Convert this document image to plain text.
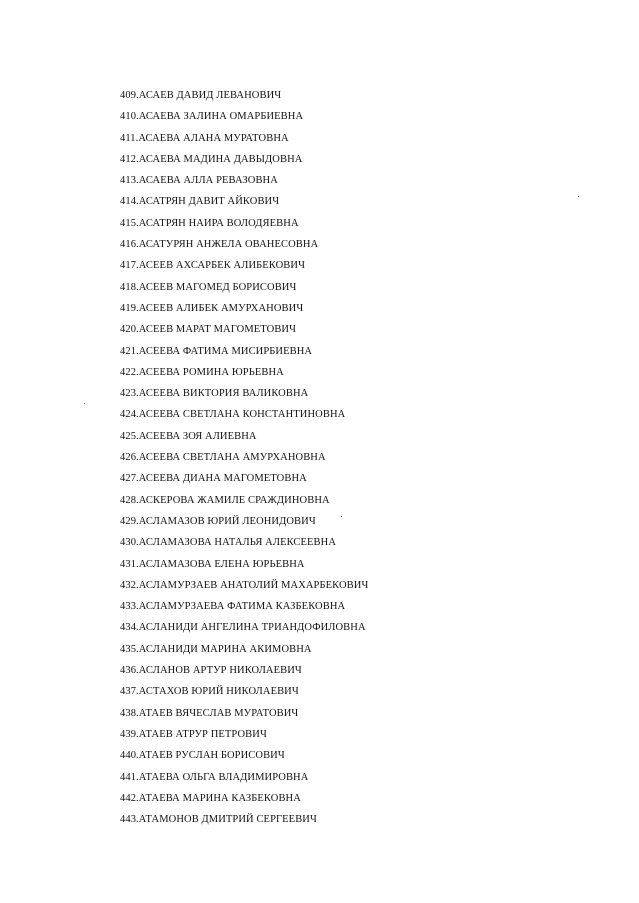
409.АСАЕВ ДАВИД ЛЕВАНОВИЧ
410.АСАЕВА ЗАЛИНА ОМАРБИЕВНА
411.АСАЕВА АЛАНА МУРАТОВНА
412.АСАЕВА МАДИНА ДАВЫДОВНА
413.АСАЕВА АЛЛА РЕВАЗОВНА
414.АСАТРЯН ДАВИТ АЙКОВИЧ
415.АСАТРЯН НАИРА ВОЛОДЯЕВНА
416.АСАТУРЯН АНЖЕЛА ОВАНЕСОВНА
417.АСЕЕВ АХСАРБЕК АЛИБЕКОВИЧ
418.АСЕЕВ МАГОМЕД БОРИСОВИЧ
419.АСЕЕВ АЛИБЕК АМУРХАНОВИЧ
420.АСЕЕВ МАРАТ МАГОМЕТОВИЧ
421.АСЕЕВА ФАТИМА МИСИРБИЕВНА
422.АСЕЕВА РОМИНА ЮРЬЕВНА
423.АСЕЕВА ВИКТОРИЯ ВАЛИКОВНА
424.АСЕЕВА СВЕТЛАНА КОНСТАНТИНОВНА
425.АСЕЕВА ЗОЯ АЛИЕВНА
426.АСЕЕВА СВЕТЛАНА АМУРХАНОВНА
427.АСЕЕВА ДИАНА МАГОМЕТОВНА
428.АСКЕРОВА ЖАМИЛЕ СРАЖДИНОВНА
429.АСЛАМАЗОВ ЮРИЙ ЛЕОНИДОВИЧ
430.АСЛАМАЗОВА НАТАЛЬЯ АЛЕКСЕЕВНА
431.АСЛАМАЗОВА ЕЛЕНА ЮРЬЕВНА
432.АСЛАМУРЗАЕВ АНАТОЛИЙ МАХАРБЕКОВИЧ
433.АСЛАМУРЗАЕВА ФАТИМА КАЗБЕКОВНА
434.АСЛАНИДИ АНГЕЛИНА ТРИАНДОФИЛОВНА
435.АСЛАНИДИ МАРИНА АКИМОВНА
436.АСЛАНОВ АРТУР НИКОЛАЕВИЧ
437.АСТАХОВ ЮРИЙ НИКОЛАЕВИЧ
438.АТАЕВ ВЯЧЕСЛАВ МУРАТОВИЧ
439.АТАЕВ АТРУР ПЕТРОВИЧ
440.АТАЕВ РУСЛАН БОРИСОВИЧ
441.АТАЕВА ОЛЬГА ВЛАДИМИРОВНА
442.АТАЕВА МАРИНА КАЗБЕКОВНА
443.АТАМОНОВ ДМИТРИЙ СЕРГЕЕВИЧ
